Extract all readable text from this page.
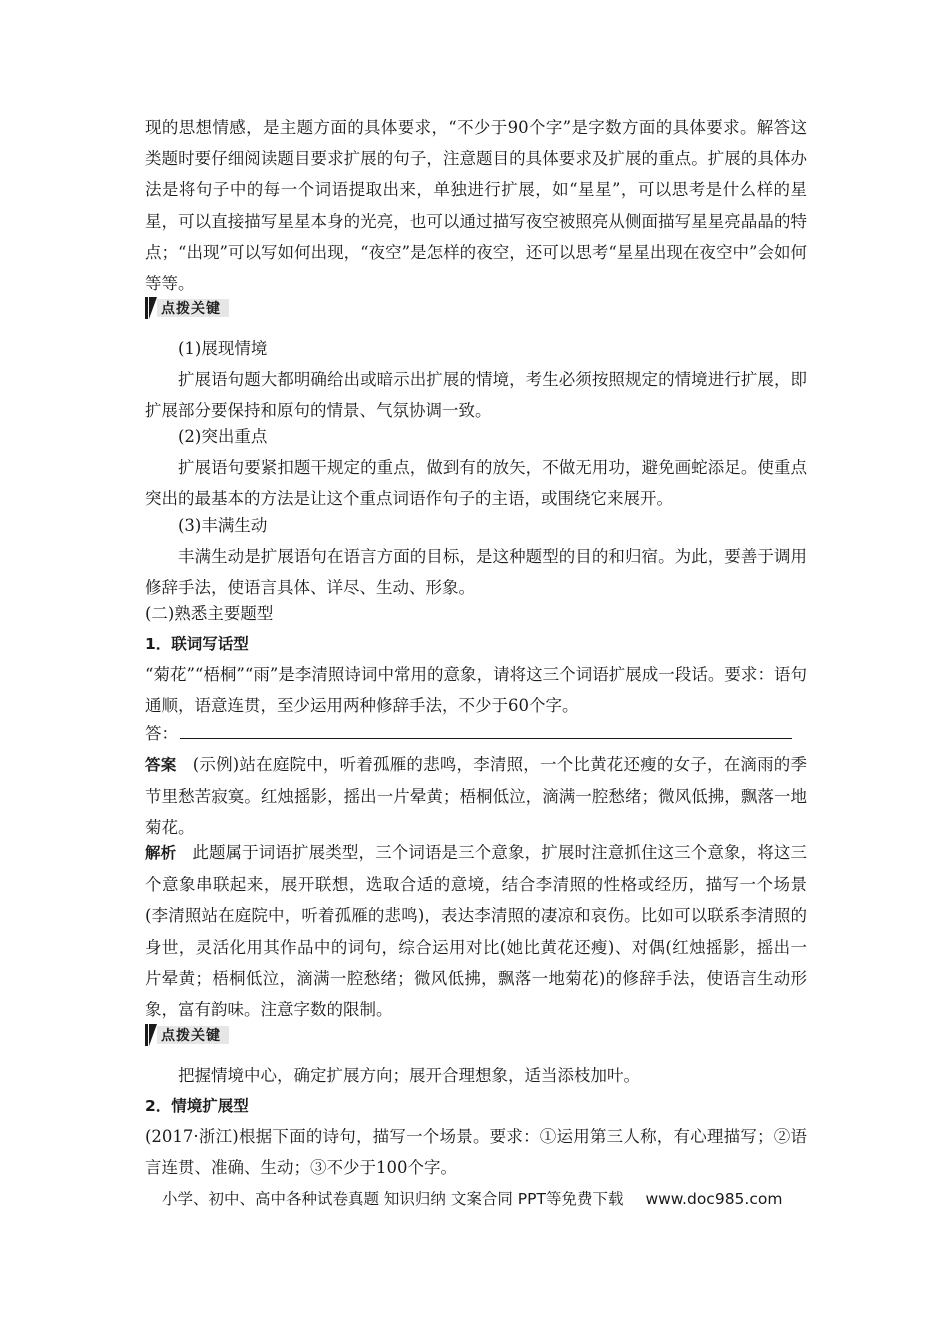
现的思想情感，是主题方面的具体要求，“不少于90个字”是字数方面的具体要求。解答这类题时要仔细阅读题目要求扩展的句子，注意题目的具体要求及扩展的重点。扩展的具体办法是将句子中的每一个词语提取出来，单独进行扩展，如“星星”，可以思考是什么样的星星，可以直接描写星星本身的光亮，也可以通过描写夜空被照亮从侧面描写星星亮晶晶的特点；“出现”可以写如何出现，“夜空”是怎样的夜空，还可以思考“星星出现在夜空中”会如何等等。

点拨关键

(1)展现情境

扩展语句题大都明确给出或暗示出扩展的情境，考生必须按照规定的情境进行扩展，即扩展部分要保持和原句的情景、气氛协调一致。

(2)突出重点

扩展语句要紧扣题干规定的重点，做到有的放矢，不做无用功，避免画蛇添足。使重点突出的最基本的方法是让这个重点词语作句子的主语，或围绕它来展开。

(3)丰满生动

丰满生动是扩展语句在语言方面的目标，是这种题型的目的和归宿。为此，要善于调用修辞手法，使语言具体、详尽、生动、形象。

(二)熟悉主要题型

1．联词写话型

“菊花”“梧桐”“雨”是李清照诗词中常用的意象，请将这三个词语扩展成一段话。要求：语句通顺，语意连贯，至少运用两种修辞手法，不少于60个字。

答：

答案 (示例)站在庭院中，听着孤雁的悲鸣，李清照，一个比黄花还瘦的女子，在滴雨的季节里愁苦寂寞。红烛摇影，摇出一片晕黄；梧桐低泣，滴满一腔愁绪；微风低拂，飘落一地菊花。

解析 此题属于词语扩展类型，三个词语是三个意象，扩展时注意抓住这三个意象，将这三个意象串联起来，展开联想，选取合适的意境，结合李清照的性格或经历，描写一个场景(李清照站在庭院中，听着孤雁的悲鸣)，表达李清照的凄凉和哀伤。比如可以联系李清照的身世，灵活化用其作品中的词句，综合运用对比(她比黄花还瘦)、对偶(红烛摇影，摇出一片晕黄；梧桐低泣，滴满一腔愁绪；微风低拂，飘落一地菊花)的修辞手法，使语言生动形象，富有韵味。注意字数的限制。

点拨关键

把握情境中心，确定扩展方向；展开合理想象，适当添枝加叶。

2．情境扩展型

(2017·浙江)根据下面的诗句，描写一个场景。要求：①运用第三人称，有心理描写；②语言连贯、准确、生动；③不少于100个字。

小学、初中、高中各种试卷真题 知识归纳 文案合同 PPT等免费下载 www.doc985.com
